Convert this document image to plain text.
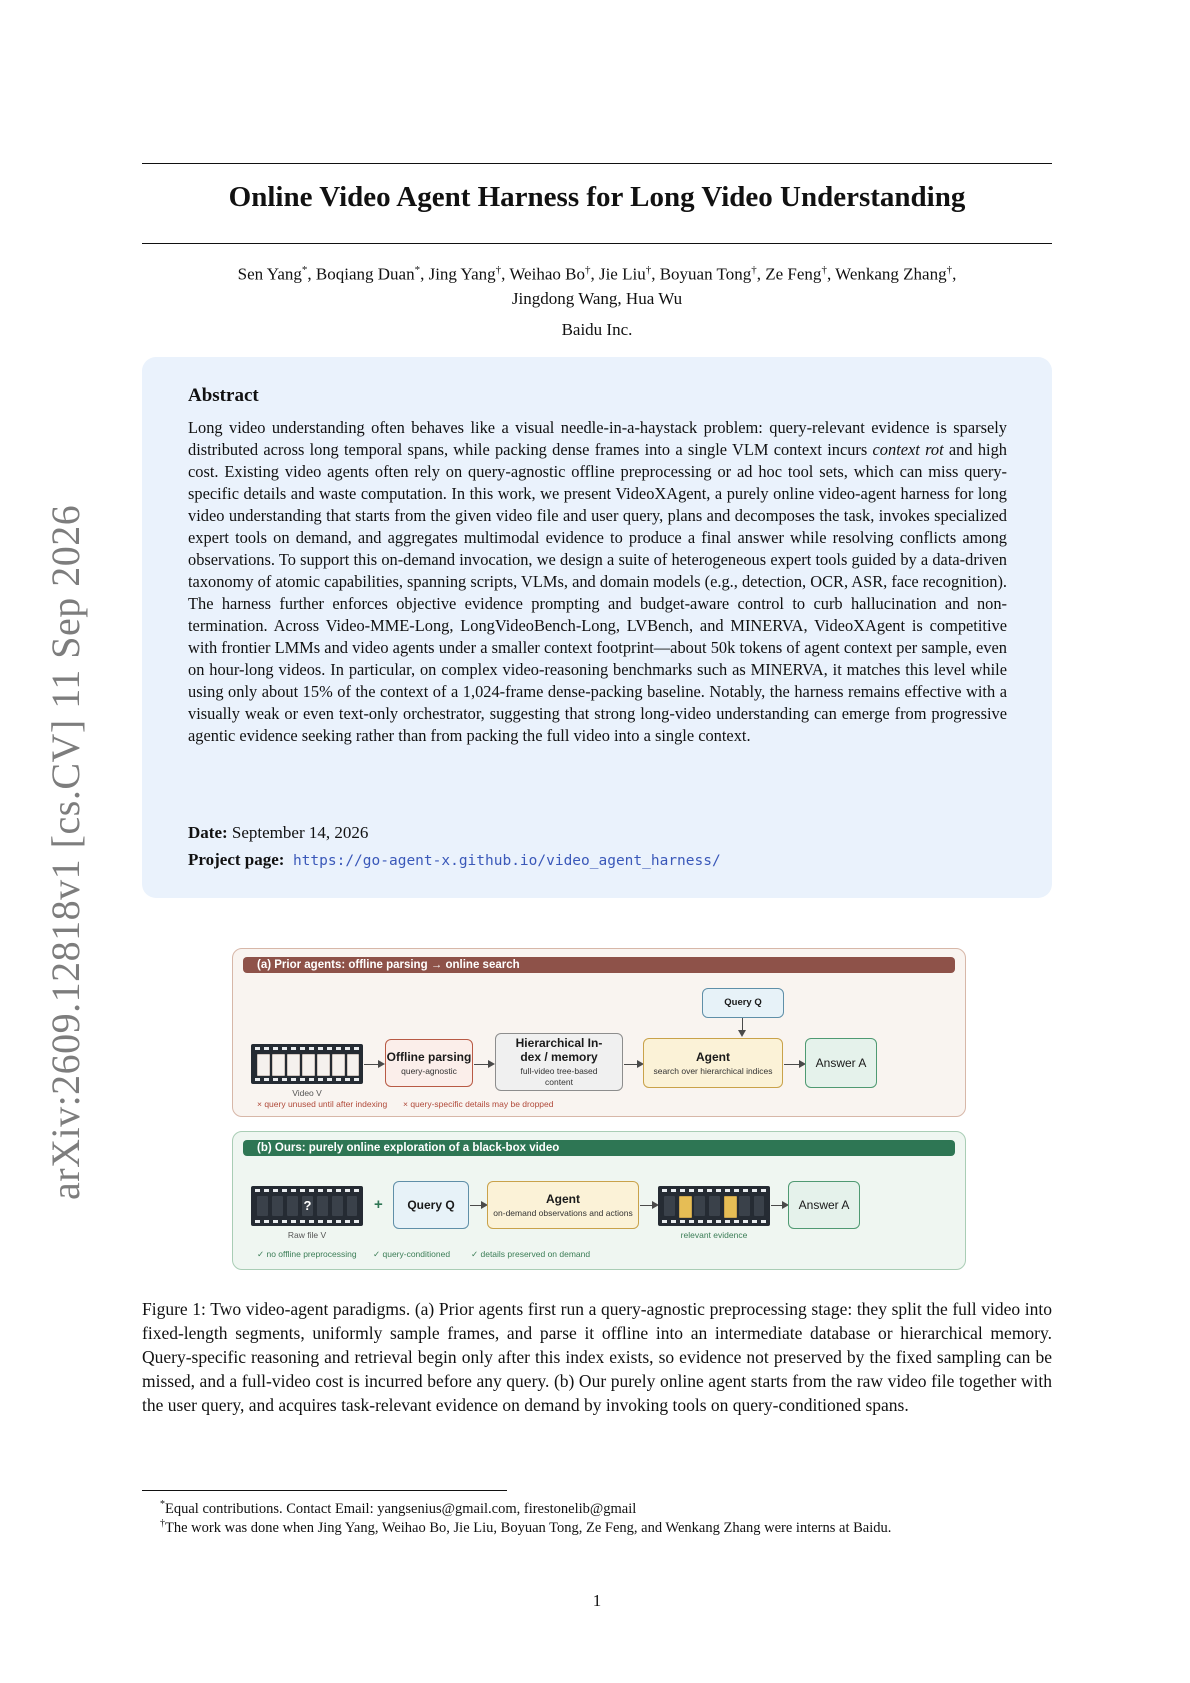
arXiv:2609.12818v1 [cs.CV] 11 Sep 2026
Online Video Agent Harness for Long Video Understanding
Sen Yang*, Boqiang Duan*, Jing Yang†, Weihao Bo†, Jie Liu†, Boyuan Tong†, Ze Feng†, Wenkang Zhang†,
Jingdong Wang, Hua Wu
Baidu Inc.
Abstract
Long video understanding often behaves like a visual needle-in-a-haystack problem: query-relevant evidence is sparsely distributed across long temporal spans, while packing dense frames into a single VLM context incurs context rot and high cost. Existing video agents often rely on query-agnostic offline preprocessing or ad hoc tool sets, which can miss query-specific details and waste computation. In this work, we present VideoXAgent, a purely online video-agent harness for long video understanding that starts from the given video file and user query, plans and decomposes the task, invokes specialized expert tools on demand, and aggregates multimodal evidence to produce a final answer while resolving conflicts among observations. To support this on-demand invocation, we design a suite of heterogeneous expert tools guided by a data-driven taxonomy of atomic capabilities, spanning scripts, VLMs, and domain models (e.g., detection, OCR, ASR, face recognition). The harness further enforces objective evidence prompting and budget-aware control to curb hallucination and non-termination. Across Video-MME-Long, LongVideoBench-Long, LVBench, and MINERVA, VideoXAgent is competitive with frontier LMMs and video agents under a smaller context footprint—about 50k tokens of agent context per sample, even on hour-long videos. In particular, on complex video-reasoning benchmarks such as MINERVA, it matches this level while using only about 15% of the context of a 1,024-frame dense-packing baseline. Notably, the harness remains effective with a visually weak or even text-only orchestrator, suggesting that strong long-video understanding can emerge from progressive agentic evidence seeking rather than from packing the full video into a single context.
Date: September 14, 2026
Project page: https://go-agent-x.github.io/video_agent_harness/
(a) Prior agents: offline parsing → online search
Query Q
Video V
Offline parsing
query-agnostic
Hierarchical In-dex / memory
full-video tree-based content
Agent
search over hierarchical indices
Answer A
× query unused until after indexing × query-specific details may be dropped
(b) Ours: purely online exploration of a black-box video
?
Raw file V
+	Query Q	Agent
on-demand observations and actions
relevant evidence
Answer A
✓ no offline preprocessing ✓ query-conditioned ✓ details preserved on demand
Figure 1: Two video-agent paradigms. (a) Prior agents first run a query-agnostic preprocessing stage: they split the full video into fixed-length segments, uniformly sample frames, and parse it offline into an intermediate database or hierarchical memory. Query-specific reasoning and retrieval begin only after this index exists, so evidence not preserved by the fixed sampling can be missed, and a full-video cost is incurred before any query. (b) Our purely online agent starts from the raw video file together with the user query, and acquires task-relevant evidence on demand by invoking tools on query-conditioned spans.
*Equal contributions. Contact Email: yangsenius@gmail.com, firestonelib@gmail
†The work was done when Jing Yang, Weihao Bo, Jie Liu, Boyuan Tong, Ze Feng, and Wenkang Zhang were interns at Baidu.
1
